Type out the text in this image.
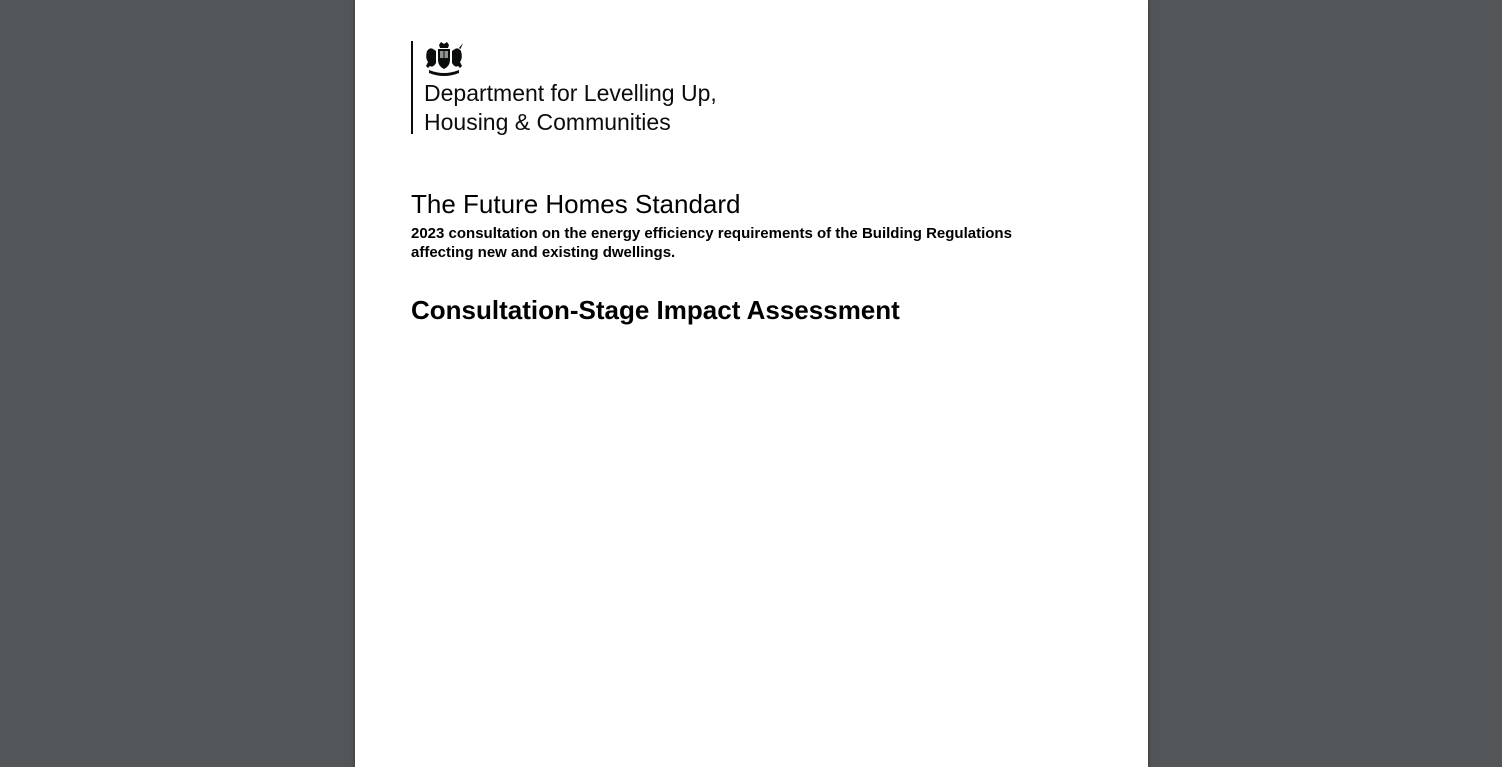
Department for Levelling Up,
Housing & Communities
The Future Homes Standard
2023 consultation on the energy efficiency requirements of the Building Regulations affecting new and existing dwellings.
Consultation-Stage Impact Assessment
